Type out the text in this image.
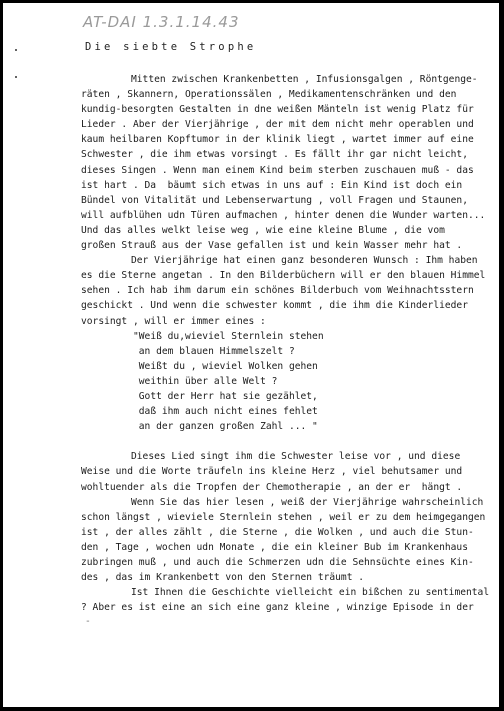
AT-DAI 1.3.1.14.43
Die siebte Strophe
Mitten zwischen Krankenbetten , Infusionsgalgen , Röntgenge-
räten , Skannern, Operationssälen , Medikamentenschränken und den
kundig-besorgten Gestalten in dne weißen Mänteln ist wenig Platz für
Lieder . Aber der Vierjährige , der mit dem nicht mehr operablen und
kaum heilbaren Kopftumor in der klinik liegt , wartet immer auf eine
Schwester , die ihm etwas vorsingt . Es fällt ihr gar nicht leicht,
dieses Singen . Wenn man einem Kind beim sterben zuschauen muß - das
ist hart . Da  bäumt sich etwas in uns auf : Ein Kind ist doch ein
Bündel von Vitalität und Lebenserwartung , voll Fragen und Staunen,
will aufblühen udn Türen aufmachen , hinter denen die Wunder warten...
Und das alles welkt leise weg , wie eine kleine Blume , die vom
großen Strauß aus der Vase gefallen ist und kein Wasser mehr hat .
Der Vierjährige hat einen ganz besonderen Wunsch : Ihm haben
es die Sterne angetan . In den Bilderbüchern will er den blauen Himmel
sehen . Ich hab ihm darum ein schönes Bilderbuch vom Weihnachtsstern
geschickt . Und wenn die schwester kommt , die ihm die Kinderlieder
vorsingt , will er immer eines :
"Weiß du,wieviel Sternlein stehen
an dem blauen Himmelszelt ?
Weißt du , wieviel Wolken gehen
weithin über alle Welt ?
Gott der Herr hat sie gezählet,
daß ihm auch nicht eines fehlet
an der ganzen großen Zahl ... "
Dieses Lied singt ihm die Schwester leise vor , und diese
Weise und die Worte träufeln ins kleine Herz , viel behutsamer und
wohltuender als die Tropfen der Chemotherapie , an der er  hängt .
Wenn Sie das hier lesen , weiß der Vierjährige wahrscheinlich
schon längst , wieviele Sternlein stehen , weil er zu dem heimgegangen
ist , der alles zählt , die Sterne , die Wolken , und auch die Stun-
den , Tage , wochen udn Monate , die ein kleiner Bub im Krankenhaus
zubringen muß , und auch die Schmerzen udn die Sehnsüchte eines Kin-
des , das im Krankenbett von den Sternen träumt .
Ist Ihnen die Geschichte vielleicht ein bißchen zu sentimental
? Aber es ist eine an sich eine ganz kleine , winzige Episode in der
-
